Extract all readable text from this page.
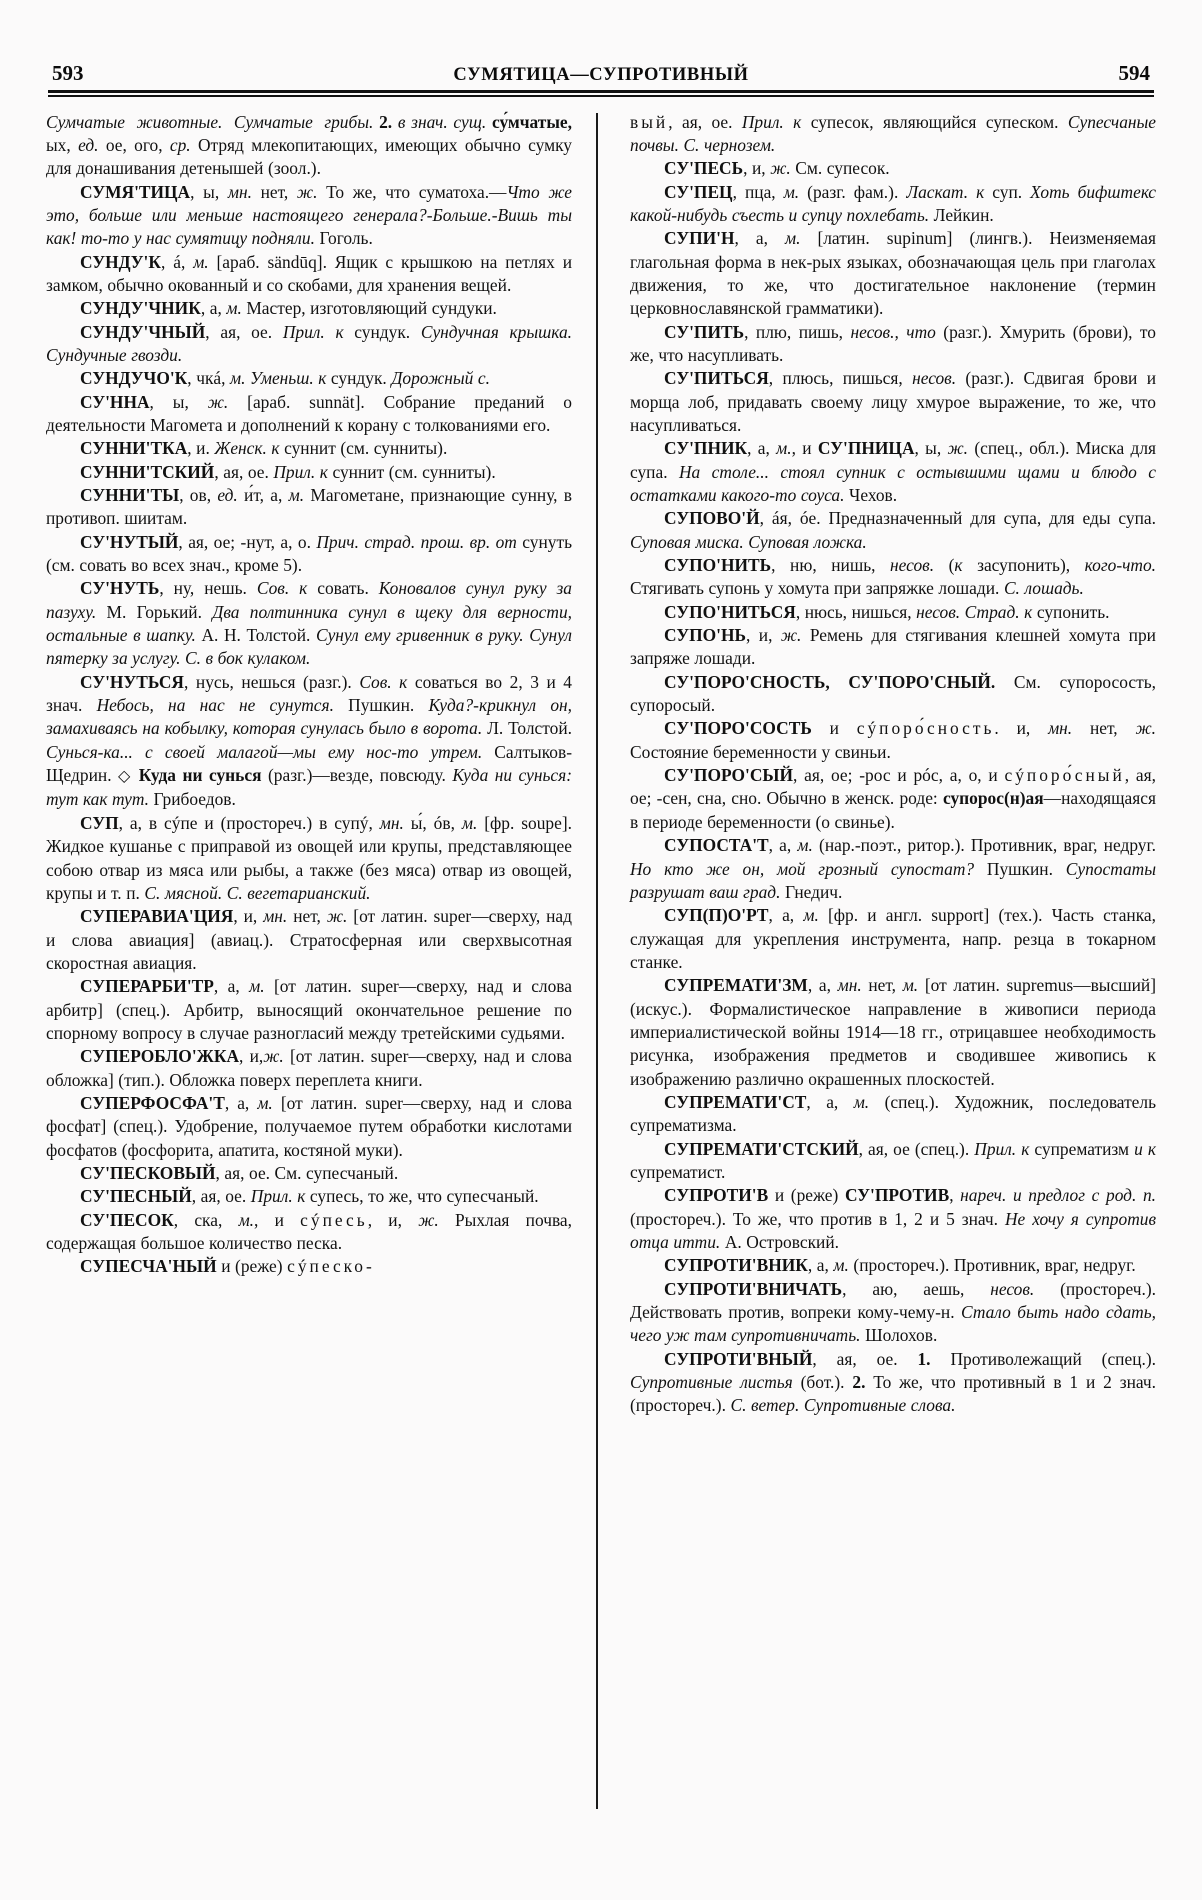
593	СУМЯТИЦА—СУПРОТИВНЫЙ	594

Сумчатые  животные.  Сумчатые  грибы. 2. в знач. сущ. су́мчатые, ых, ед. ое, ого, ср. Отряд млекопитающих, имеющих обычно сумку для донашивания детенышей (зоол.).

СУМЯ'ТИЦА, ы, мн. нет, ж. То же, что суматоха.—Что же это, больше или меньше настоящего генерала?-Больше.-Вишь ты как! то-то у нас сумятицу подняли. Гоголь.

СУНДУ'К, á, м. [араб. sändūq]. Ящик с крышкою на петлях и замком, обычно окованный и со скобами, для хранения вещей.

СУНДУ'ЧНИК, а, м. Мастер, изготовляющий сундуки.

СУНДУ'ЧНЫЙ, ая, ое. Прил. к сундук. Сундучная крышка. Сундучные гвозди.

СУНДУЧО'К, чкá, м. Уменьш. к сундук. Дорожный с.

СУ'ННА, ы, ж. [араб. sunnät]. Собрание преданий о деятельности Магомета и дополнений к корану с толкованиями его.

СУННИ'ТКА, и. Женск. к суннит (см. сунниты).

СУННИ'ТСКИЙ, ая, ое. Прил. к суннит (см. сунниты).

СУННИ'ТЫ, ов, ед. и́т, а, м. Магометане, признающие сунну, в противоп. шиитам.

СУ'НУТЫЙ, ая, ое; -нут, а, о. Прич. страд. прош. вр. от сунуть (см. совать во всех знач., кроме 5).

СУ'НУТЬ, ну, нешь. Сов. к совать. Коновалов сунул руку за пазуху. М. Горький. Два полтинника сунул в щеку для верности, остальные в шапку. А. Н. Толстой. Сунул ему гривенник в руку. Сунул пятерку за услугу. С. в бок кулаком.

СУ'НУТЬСЯ, нусь, нешься (разг.). Сов. к соваться во 2, 3 и 4 знач. Небось, на нас не сунутся. Пушкин. Куда?-крикнул он, замахиваясь на кобылку, которая сунулась было в ворота. Л. Толстой. Сунься-ка... с своей малагой—мы ему нос-то утрем. Салтыков-Щедрин. ◇ Куда ни сунься (разг.)—везде, повсюду. Куда ни сунься: тут как тут. Грибоедов.

СУП, а, в сýпе и (простореч.) в супý, мн. ы́, óв, м. [фр. soupe]. Жидкое кушанье с приправой из овощей или крупы, представляющее собою отвар из мяса или рыбы, а также (без мяса) отвар из овощей, крупы и т. п. С. мясной. С. вегетарианский.

СУПЕРАВИА'ЦИЯ, и, мн. нет, ж. [от латин. super—сверху, над и слова авиация] (авиац.). Стратосферная или сверхвысотная скоростная авиация.

СУПЕРАРБИ'ТР, а, м. [от латин. super—сверху, над и слова арбитр] (спец.). Арбитр, выносящий окончательное решение по спорному вопросу в случае разногласий между третейскими судьями.

СУПЕРОБЛО'ЖКА, и,ж. [от латин. super—сверху, над и слова обложка] (тип.). Обложка поверх переплета книги.

СУПЕРФОСФА'Т, а, м. [от латин. super—сверху, над и слова фосфат] (спец.). Удобрение, получаемое путем обработки кислотами фосфатов (фосфорита, апатита, костяной муки).

СУ'ПЕСКОВЫЙ, ая, ое. См. супесчаный.

СУ'ПЕСНЫЙ, ая, ое. Прил. к супесь, то же, что супесчаный.

СУ'ПЕСОК, ска, м., и сýпесь, и, ж. Рыхлая почва, содержащая большое количество песка.

СУПЕСЧА'НЫЙ и (реже) сýпеско-

вый, ая, ое. Прил. к супесок, являющийся супеском. Супесчаные почвы. С. чернозем.

СУ'ПЕСЬ, и, ж. См. супесок.

СУ'ПЕЦ, пца, м. (разг. фам.). Ласкат. к суп. Хоть бифштекс какой-нибудь съесть и супцу похлебать. Лейкин.

СУПИ'Н, а, м. [латин. supinum] (лингв.). Неизменяемая глагольная форма в нек-рых языках, обозначающая цель при глаголах движения, то же, что достигательное наклонение (термин церковнославянской грамматики).

СУ'ПИТЬ, плю, пишь, несов., что (разг.). Хмурить (брови), то же, что насупливать.

СУ'ПИТЬСЯ, плюсь, пишься, несов. (разг.). Сдвигая брови и морща лоб, придавать своему лицу хмурое выражение, то же, что насупливаться.

СУ'ПНИК, а, м., и СУ'ПНИЦА, ы, ж. (спец., обл.). Миска для супа. На столе... стоял супник с остывшими щами и блюдо с остатками какого-то соуса. Чехов.

СУПОВО'Й, áя, óе. Предназначенный для супа, для еды супа. Суповая миска. Суповая ложка.

СУПО'НИТЬ, ню, нишь, несов. (к засупонить), кого-что. Стягивать супонь у хомута при запряжке лошади. С. лошадь.

СУПО'НИТЬСЯ, нюсь, нишься, несов. Страд. к супонить.

СУПО'НЬ, и, ж. Ремень для стягивания клешней хомута при запряже лошади.

СУ'ПОРО'СНОСТЬ, СУ'ПОРО'СНЫЙ. См. супоросость, супоросый.

СУ'ПОРО'СОСТЬ и сýпоро́сность. и, мн. нет, ж. Состояние беременности у свиньи.

СУ'ПОРО'СЫЙ, ая, ое; -рос и рóс, а, о, и сýпоро́сный, ая, ое; -сен, сна, сно. Обычно в женск. роде: супорос(н)ая—находящаяся в периоде беременности (о свинье).

СУПОСТА'Т, а, м. (нар.-поэт., ритор.). Противник, враг, недруг. Но кто же он, мой грозный супостат? Пушкин. Супостаты разрушат ваш град. Гнедич.

СУП(П)О'РТ, а, м. [фр. и англ. support] (тех.). Часть станка, служащая для укрепления инструмента, напр. резца в токарном станке.

СУПРЕМАТИ'ЗМ, а, мн. нет, м. [от латин. supremus—высший] (искус.). Формалистическое направление в живописи периода империалистической войны 1914—18 гг., отрицавшее необходимость рисунка, изображения предметов и сводившее живопись к изображению различно окрашенных плоскостей.

СУПРЕМАТИ'СТ, а, м. (спец.). Художник, последователь супрематизма.

СУПРЕМАТИ'СТСКИЙ, ая, ое (спец.). Прил. к супрематизм и к супрематист.

СУПРОТИ'В и (реже) СУ'ПРОТИВ, нареч. и предлог с род. п. (простореч.). То же, что против в 1, 2 и 5 знач. Не хочу я супротив отца итти. А. Островский.

СУПРОТИ'ВНИК, а, м. (простореч.). Противник, враг, недруг.

СУПРОТИ'ВНИЧАТЬ, аю, аешь, несов. (простореч.). Действовать против, вопреки кому-чему-н. Стало быть надо сдать, чего уж там супротивничать. Шолохов.

СУПРОТИ'ВНЫЙ, ая, ое. 1. Противолежащий (спец.). Супротивные листья (бот.). 2. То же, что противный в 1 и 2 знач. (простореч.). С. ветер. Супротивные слова.
